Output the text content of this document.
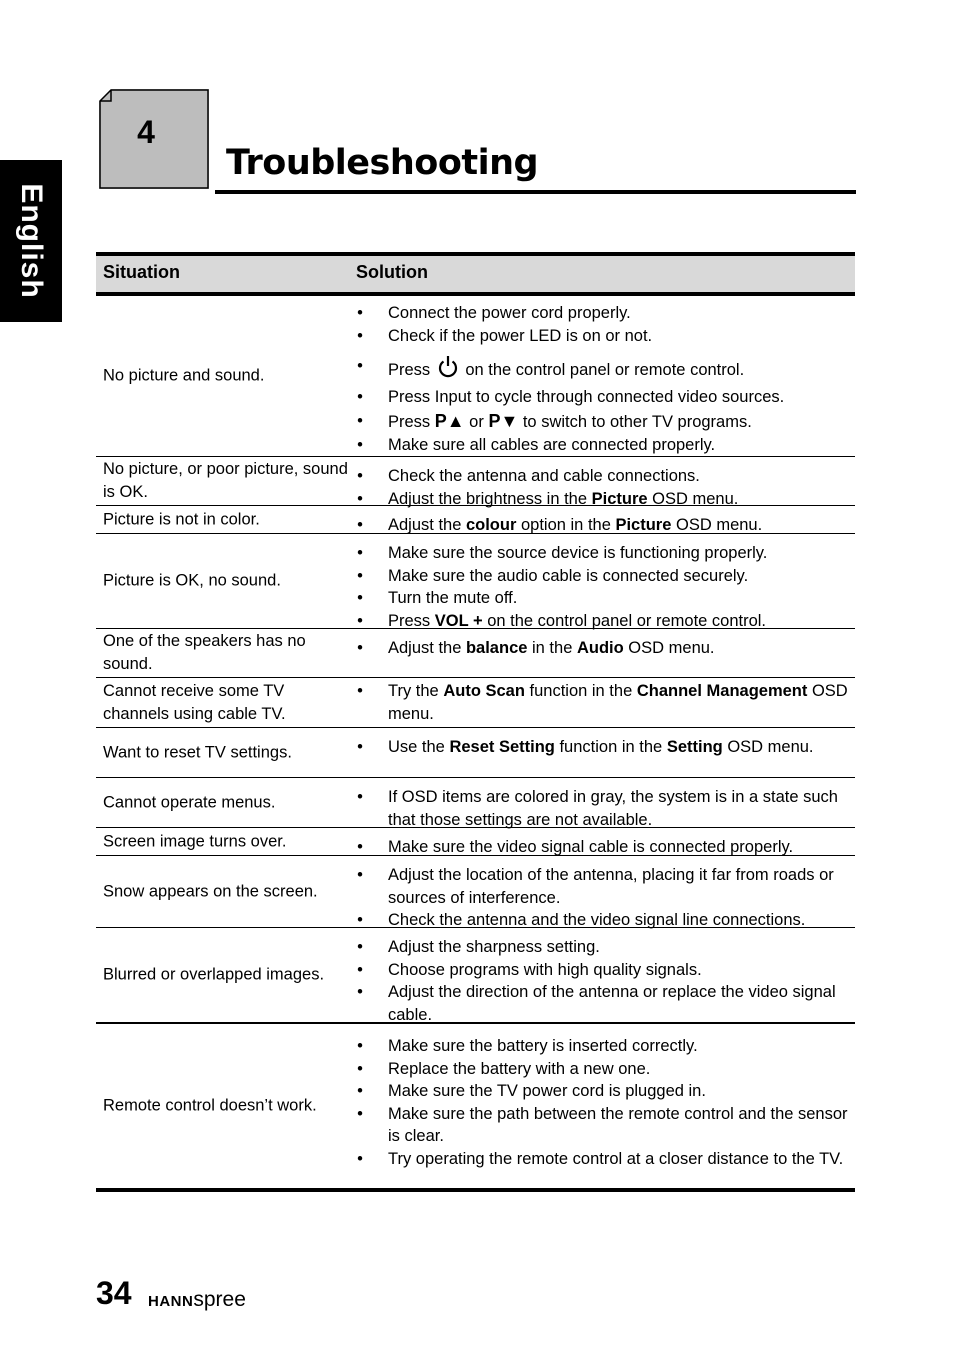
English
4
Troubleshooting
Situation	Solution
No picture and sound.
• Connect the power cord properly.
• Check if the power LED is on or not.
• Press  on the control panel or remote control.
• Press Input to cycle through connected video sources.
• Press P▲ or P▼ to switch to other TV programs.
• Make sure all cables are connected properly.
No picture, or poor picture, sound is OK.
• Check the antenna and cable connections.
• Adjust the brightness in the Picture OSD menu.
Picture is not in color.	• Adjust the colour option in the Picture OSD menu.
Picture is OK, no sound.
• Make sure the source device is functioning properly.
• Make sure the audio cable is connected securely.
• Turn the mute off.
• Press VOL + on the control panel or remote control.
One of the speakers has no sound.
• Adjust the balance in the Audio OSD menu.
Cannot receive some TV channels using cable TV.
• Try the Auto Scan function in the Channel Management OSD menu.
Want to reset TV settings.	• Use the Reset Setting function in the Setting OSD menu.
Cannot operate menus.	• If OSD items are colored in gray, the system is in a state such that those settings are not available.
Screen image turns over.	• Make sure the video signal cable is connected properly.
Snow appears on the screen.
• Adjust the location of the antenna, placing it far from roads or sources of interference.
• Check the antenna and the video signal line connections.
Blurred or overlapped images.
• Adjust the sharpness setting.
• Choose programs with high quality signals.
• Adjust the direction of the antenna or replace the video signal cable.
Remote control doesn’t work.
• Make sure the battery is inserted correctly.
• Replace the battery with a new one.
• Make sure the TV power cord is plugged in.
• Make sure the path between the remote control and the sensor is clear.
• Try operating the remote control at a closer distance to the TV.
34 HANNspree
